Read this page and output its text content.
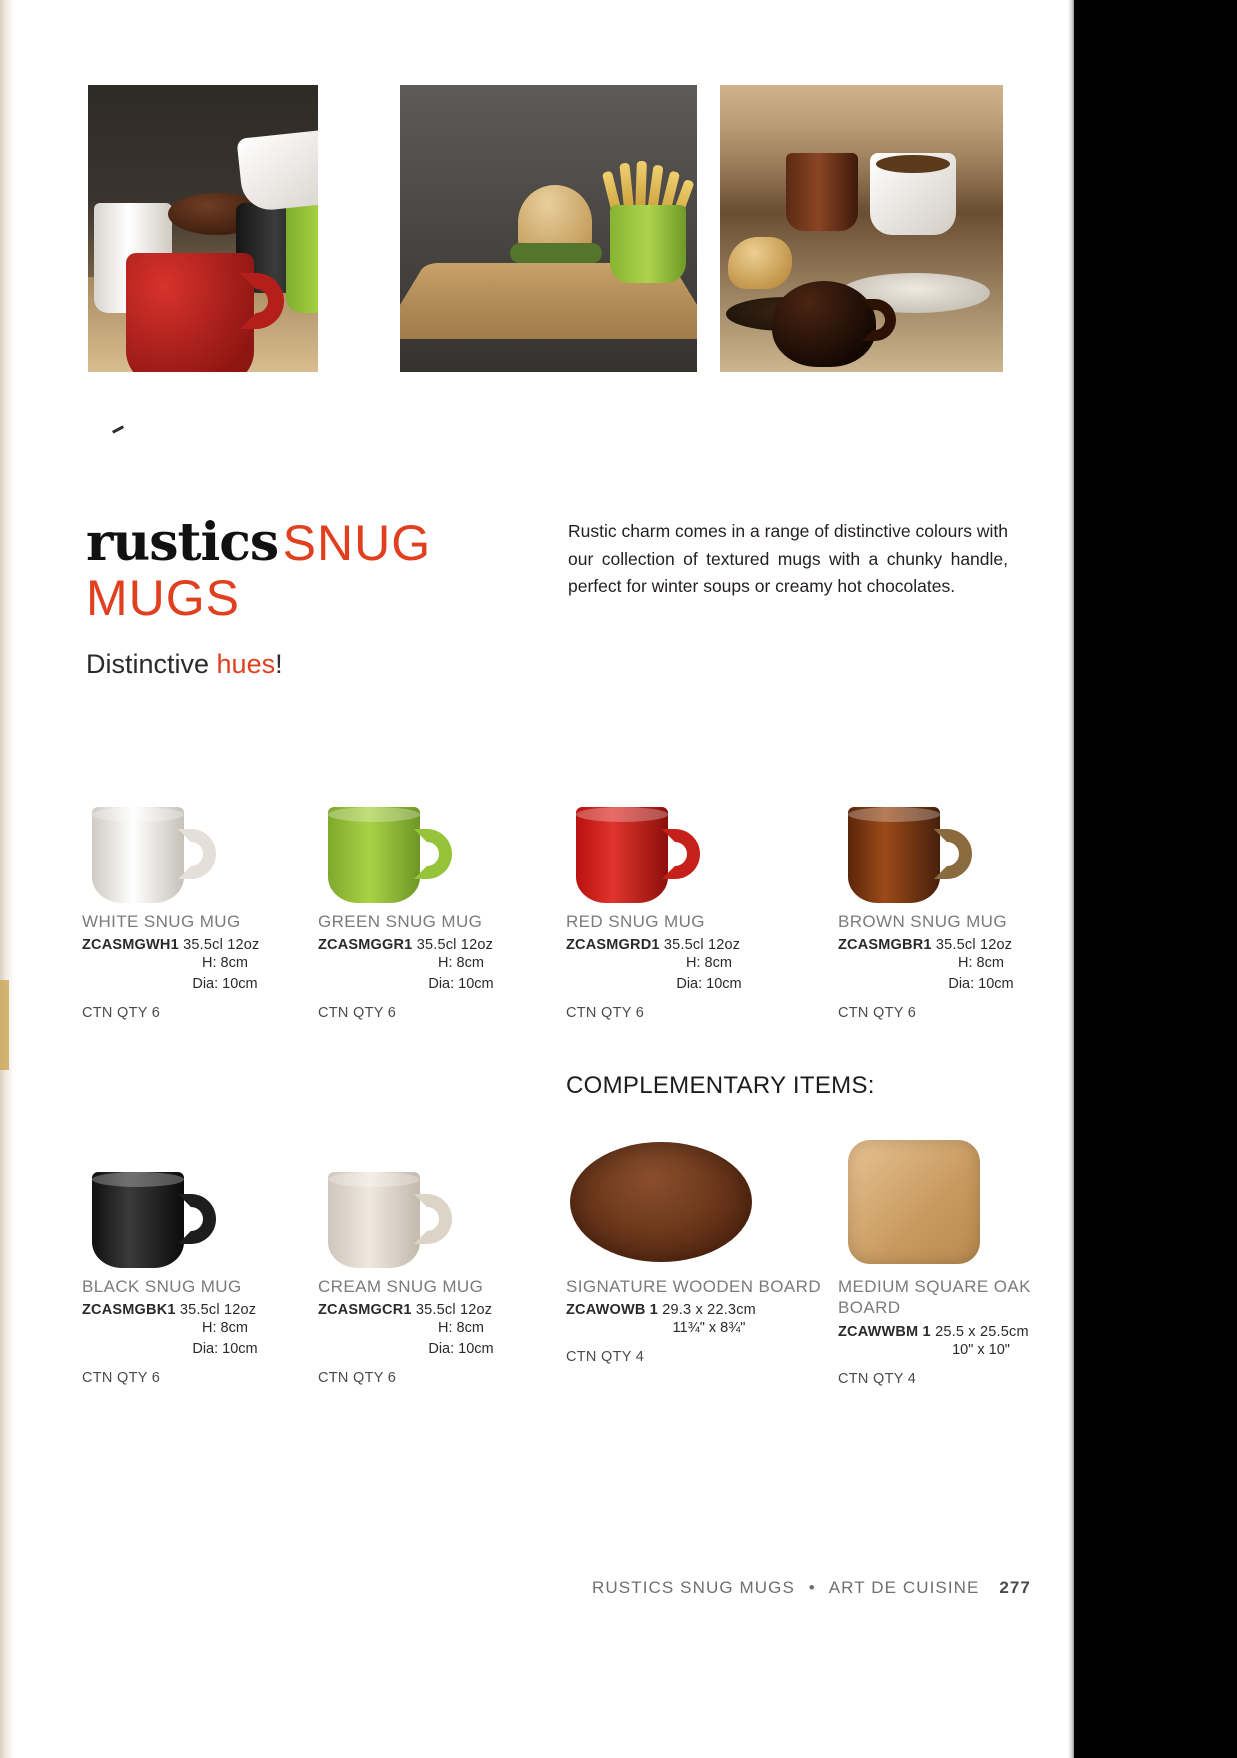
rustics SNUG
MUGS
Distinctive hues!
Rustic charm comes in a range of distinctive colours with our collection of textured mugs with a chunky handle, perfect for winter soups or creamy hot chocolates.
COMPLEMENTARY ITEMS:
WHITE SNUG MUG
ZCASMGWH1 35.5cl 12oz
H: 8cm
Dia: 10cm
CTN QTY 6
GREEN SNUG MUG
ZCASMGGR1 35.5cl 12oz
H: 8cm
Dia: 10cm
CTN QTY 6
RED SNUG MUG
ZCASMGRD1 35.5cl 12oz
H: 8cm
Dia: 10cm
CTN QTY 6
BROWN SNUG MUG
ZCASMGBR1 35.5cl 12oz
H: 8cm
Dia: 10cm
CTN QTY 6
BLACK SNUG MUG
ZCASMGBK1 35.5cl 12oz
H: 8cm
Dia: 10cm
CTN QTY 6
CREAM SNUG MUG
ZCASMGCR1 35.5cl 12oz
H: 8cm
Dia: 10cm
CTN QTY 6
SIGNATURE WOODEN BOARD
ZCAWOWB 1 29.3 x 22.3cm
11¾" x 8¾"
CTN QTY 4
MEDIUM SQUARE OAK BOARD
ZCAWWBM 1 25.5 x 25.5cm
10" x 10"
CTN QTY 4
RUSTICS SNUG MUGS • ART DE CUISINE 277
